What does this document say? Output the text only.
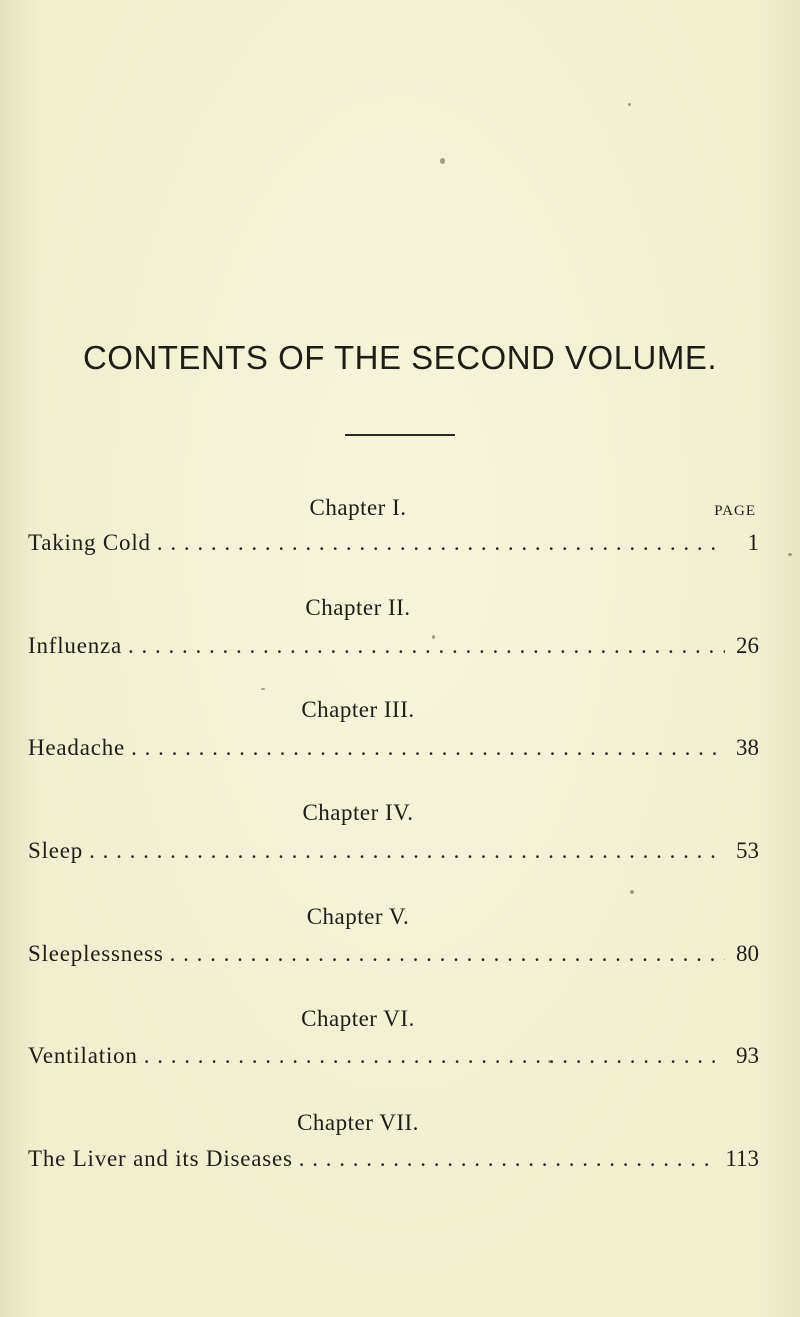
CONTENTS OF THE SECOND VOLUME.
PAGE
Chapter I.
Taking Cold . . .	1
Chapter II.
Influenza . . .	26
Chapter III.
Headache . . .	38
Chapter IV.
Sleep . . .	53
Chapter V.
Sleeplessness . . .	80
Chapter VI.
Ventilation . . .	93
Chapter VII.
The Liver and its Diseases . . .	113
